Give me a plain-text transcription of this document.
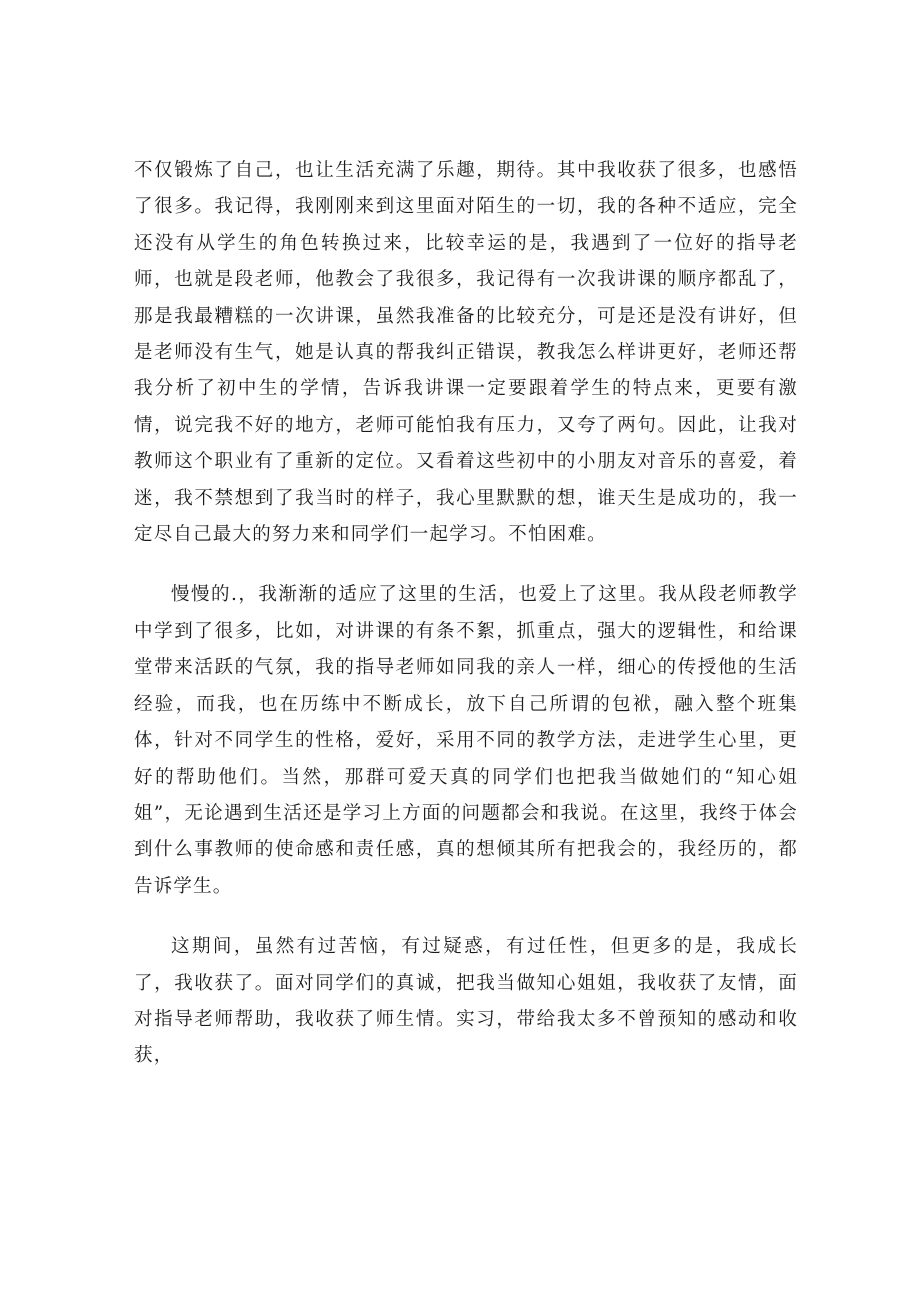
不仅锻炼了自己，也让生活充满了乐趣，期待。其中我收获了很多，也感悟了很多。我记得，我刚刚来到这里面对陌生的一切，我的各种不适应，完全还没有从学生的角色转换过来，比较幸运的是，我遇到了一位好的指导老师，也就是段老师，他教会了我很多，我记得有一次我讲课的顺序都乱了，那是我最糟糕的一次讲课，虽然我准备的比较充分，可是还是没有讲好，但是老师没有生气，她是认真的帮我纠正错误，教我怎么样讲更好，老师还帮我分析了初中生的学情，告诉我讲课一定要跟着学生的特点来，更要有激情，说完我不好的地方，老师可能怕我有压力，又夸了两句。因此，让我对教师这个职业有了重新的定位。又看着这些初中的小朋友对音乐的喜爱，着迷，我不禁想到了我当时的样子，我心里默默的想，谁天生是成功的，我一定尽自己最大的努力来和同学们一起学习。不怕困难。

慢慢的.，我渐渐的适应了这里的生活，也爱上了这里。我从段老师教学中学到了很多，比如，对讲课的有条不絮，抓重点，强大的逻辑性，和给课堂带来活跃的气氛，我的指导老师如同我的亲人一样，细心的传授他的生活经验，而我，也在历练中不断成长，放下自己所谓的包袱，融入整个班集体，针对不同学生的性格，爱好，采用不同的教学方法，走进学生心里，更好的帮助他们。当然，那群可爱天真的同学们也把我当做她们的“知心姐姐”，无论遇到生活还是学习上方面的问题都会和我说。在这里，我终于体会到什么事教师的使命感和责任感，真的想倾其所有把我会的，我经历的，都告诉学生。

这期间，虽然有过苦恼，有过疑惑，有过任性，但更多的是，我成长了，我收获了。面对同学们的真诚，把我当做知心姐姐，我收获了友情，面对指导老师帮助，我收获了师生情。实习，带给我太多不曾预知的感动和收获，
